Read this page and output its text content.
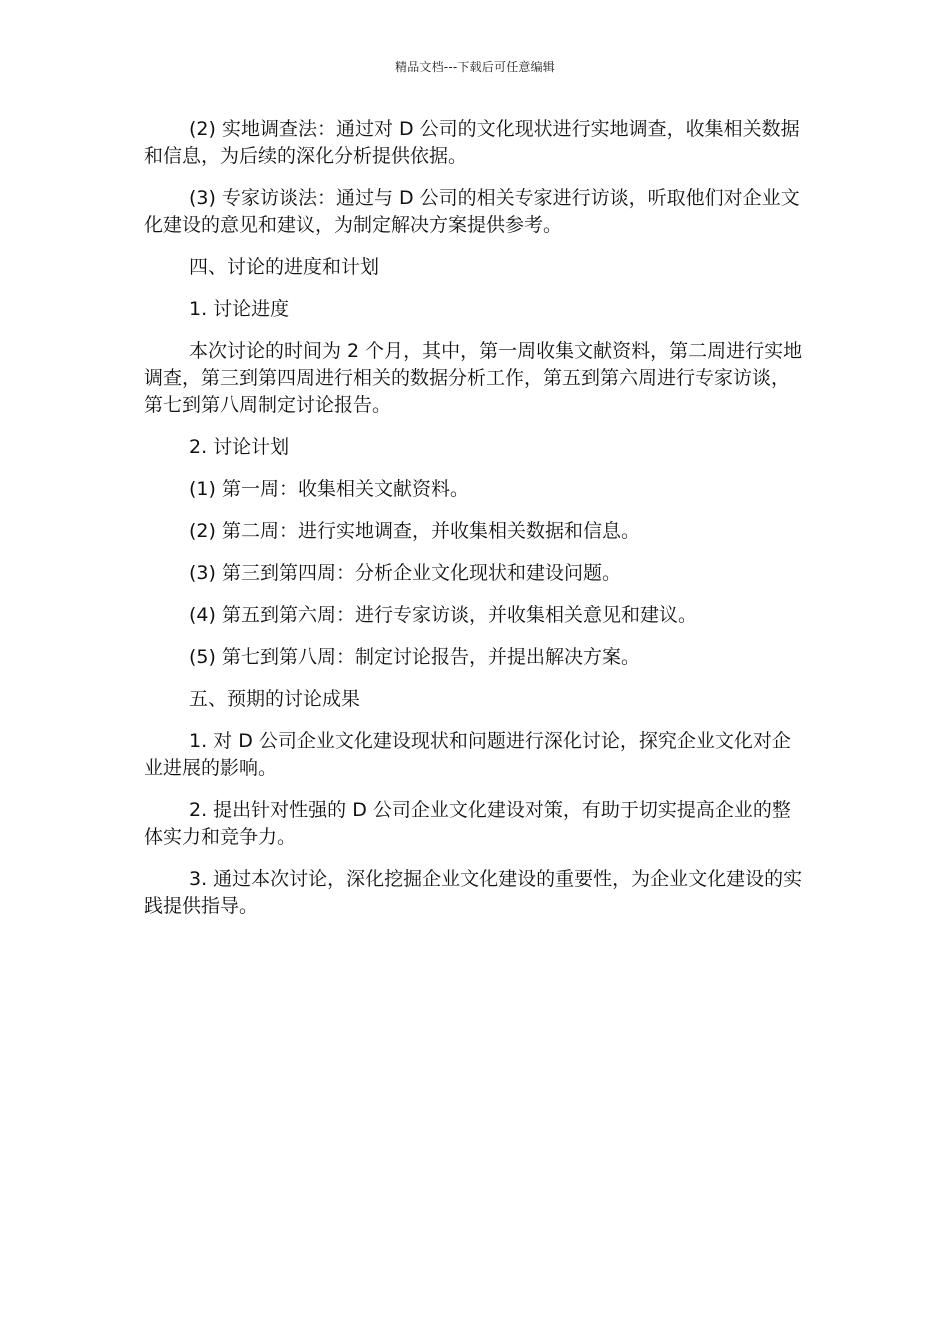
精品文档---下载后可任意编辑

(2) 实地调查法：通过对 D 公司的文化现状进行实地调查，收集相关数据和信息，为后续的深化分析提供依据。

(3) 专家访谈法：通过与 D 公司的相关专家进行访谈，听取他们对企业文化建设的意见和建议，为制定解决方案提供参考。

四、讨论的进度和计划

1. 讨论进度

本次讨论的时间为 2 个月，其中，第一周收集文献资料，第二周进行实地调查，第三到第四周进行相关的数据分析工作，第五到第六周进行专家访谈，第七到第八周制定讨论报告。

2. 讨论计划

(1) 第一周：收集相关文献资料。

(2) 第二周：进行实地调查，并收集相关数据和信息。

(3) 第三到第四周：分析企业文化现状和建设问题。

(4) 第五到第六周：进行专家访谈，并收集相关意见和建议。

(5) 第七到第八周：制定讨论报告，并提出解决方案。

五、预期的讨论成果

1. 对 D 公司企业文化建设现状和问题进行深化讨论，探究企业文化对企业进展的影响。

2. 提出针对性强的 D 公司企业文化建设对策，有助于切实提高企业的整体实力和竞争力。

3. 通过本次讨论，深化挖掘企业文化建设的重要性，为企业文化建设的实践提供指导。
